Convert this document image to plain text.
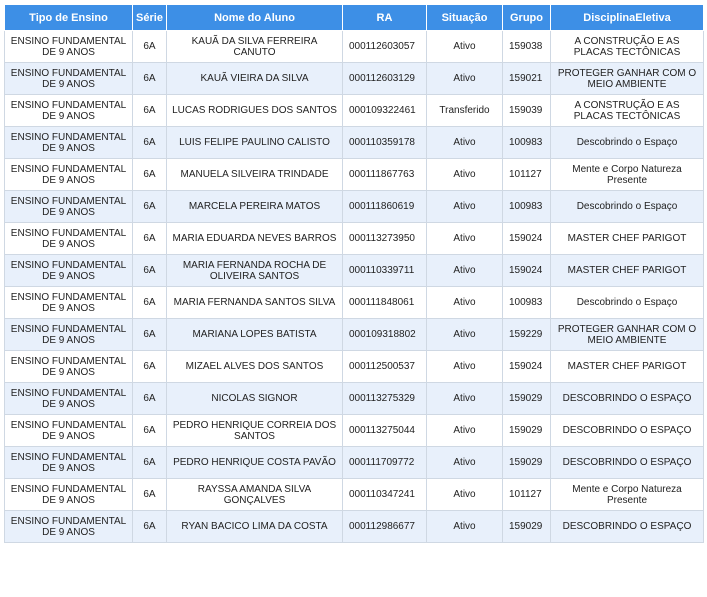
Tipo de Ensino	Série	Nome do Aluno	RA	Situação	Grupo	DisciplinaEletiva
ENSINO FUNDAMENTAL DE 9 ANOS	6A	KAUÃ DA SILVA FERREIRA CANUTO	000112603057	Ativo	159038	A CONSTRUÇÃO E AS PLACAS TECTÔNICAS
ENSINO FUNDAMENTAL DE 9 ANOS	6A	KAUÃ VIEIRA DA SILVA	000112603129	Ativo	159021	PROTEGER GANHAR COM O MEIO AMBIENTE
ENSINO FUNDAMENTAL DE 9 ANOS	6A	LUCAS RODRIGUES DOS SANTOS	000109322461	Transferido	159039	A CONSTRUÇÃO E AS PLACAS TECTÔNICAS
ENSINO FUNDAMENTAL DE 9 ANOS	6A	LUIS FELIPE PAULINO CALISTO	000110359178	Ativo	100983	Descobrindo o Espaço
ENSINO FUNDAMENTAL DE 9 ANOS	6A	MANUELA SILVEIRA TRINDADE	000111867763	Ativo	101127	Mente e Corpo Natureza Presente
ENSINO FUNDAMENTAL DE 9 ANOS	6A	MARCELA PEREIRA MATOS	000111860619	Ativo	100983	Descobrindo o Espaço
ENSINO FUNDAMENTAL DE 9 ANOS	6A	MARIA EDUARDA NEVES BARROS	000113273950	Ativo	159024	MASTER CHEF PARIGOT
ENSINO FUNDAMENTAL DE 9 ANOS	6A	MARIA FERNANDA ROCHA DE OLIVEIRA SANTOS	000110339711	Ativo	159024	MASTER CHEF PARIGOT
ENSINO FUNDAMENTAL DE 9 ANOS	6A	MARIA FERNANDA SANTOS SILVA	000111848061	Ativo	100983	Descobrindo o Espaço
ENSINO FUNDAMENTAL DE 9 ANOS	6A	MARIANA LOPES BATISTA	000109318802	Ativo	159229	PROTEGER GANHAR COM O MEIO AMBIENTE
ENSINO FUNDAMENTAL DE 9 ANOS	6A	MIZAEL ALVES DOS SANTOS	000112500537	Ativo	159024	MASTER CHEF PARIGOT
ENSINO FUNDAMENTAL DE 9 ANOS	6A	NICOLAS SIGNOR	000113275329	Ativo	159029	DESCOBRINDO O ESPAÇO
ENSINO FUNDAMENTAL DE 9 ANOS	6A	PEDRO HENRIQUE CORREIA DOS SANTOS	000113275044	Ativo	159029	DESCOBRINDO O ESPAÇO
ENSINO FUNDAMENTAL DE 9 ANOS	6A	PEDRO HENRIQUE COSTA PAVÃO	000111709772	Ativo	159029	DESCOBRINDO O ESPAÇO
ENSINO FUNDAMENTAL DE 9 ANOS	6A	RAYSSA AMANDA SILVA GONÇALVES	000110347241	Ativo	101127	Mente e Corpo Natureza Presente
ENSINO FUNDAMENTAL DE 9 ANOS	6A	RYAN BACICO LIMA DA COSTA	000112986677	Ativo	159029	DESCOBRINDO O ESPAÇO
